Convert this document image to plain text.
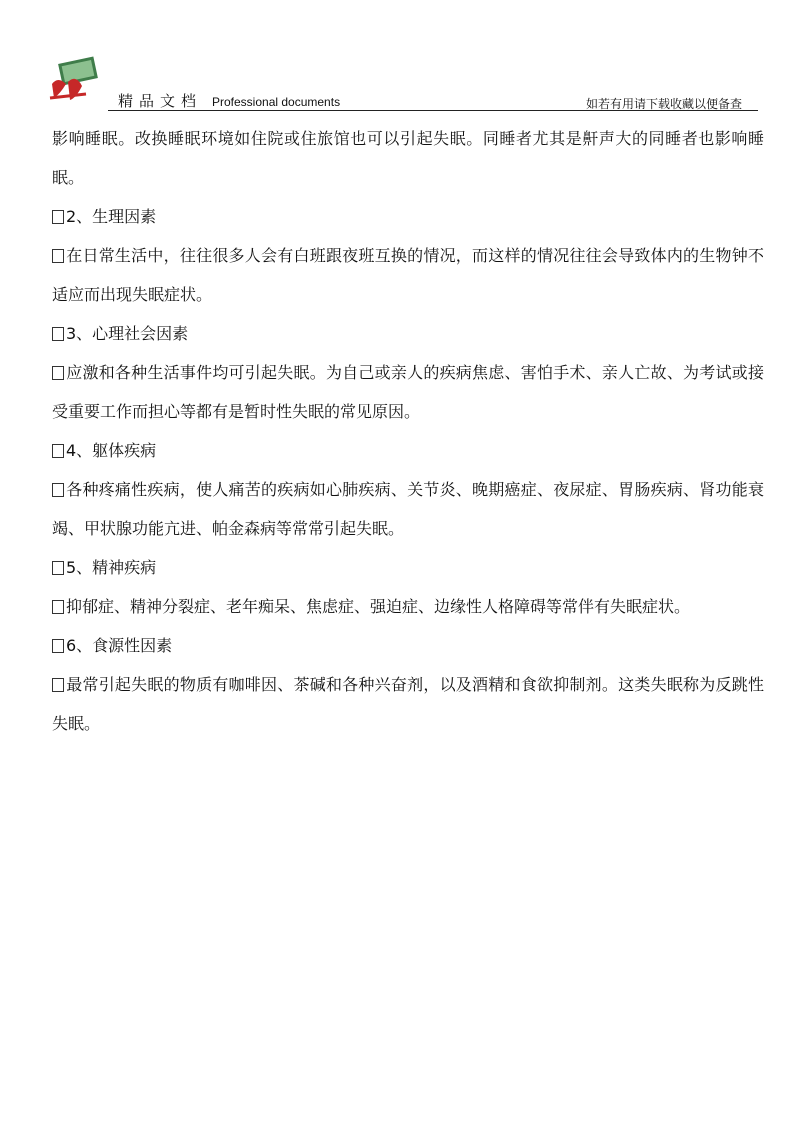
精品文档 Professional documents	如若有用请下载收藏以便备查

影响睡眠。改换睡眠环境如住院或住旅馆也可以引起失眠。同睡者尤其是鼾声大的同睡者也影响睡眠。

2、生理因素

在日常生活中，往往很多人会有白班跟夜班互换的情况，而这样的情况往往会导致体内的生物钟不适应而出现失眠症状。

3、心理社会因素

应激和各种生活事件均可引起失眠。为自己或亲人的疾病焦虑、害怕手术、亲人亡故、为考试或接受重要工作而担心等都有是暂时性失眠的常见原因。

4、躯体疾病

各种疼痛性疾病，使人痛苦的疾病如心肺疾病、关节炎、晚期癌症、夜尿症、胃肠疾病、肾功能衰竭、甲状腺功能亢进、帕金森病等常常引起失眠。

5、精神疾病

抑郁症、精神分裂症、老年痴呆、焦虑症、强迫症、边缘性人格障碍等常伴有失眠症状。

6、食源性因素

最常引起失眠的物质有咖啡因、茶碱和各种兴奋剂，以及酒精和食欲抑制剂。这类失眠称为反跳性失眠。
